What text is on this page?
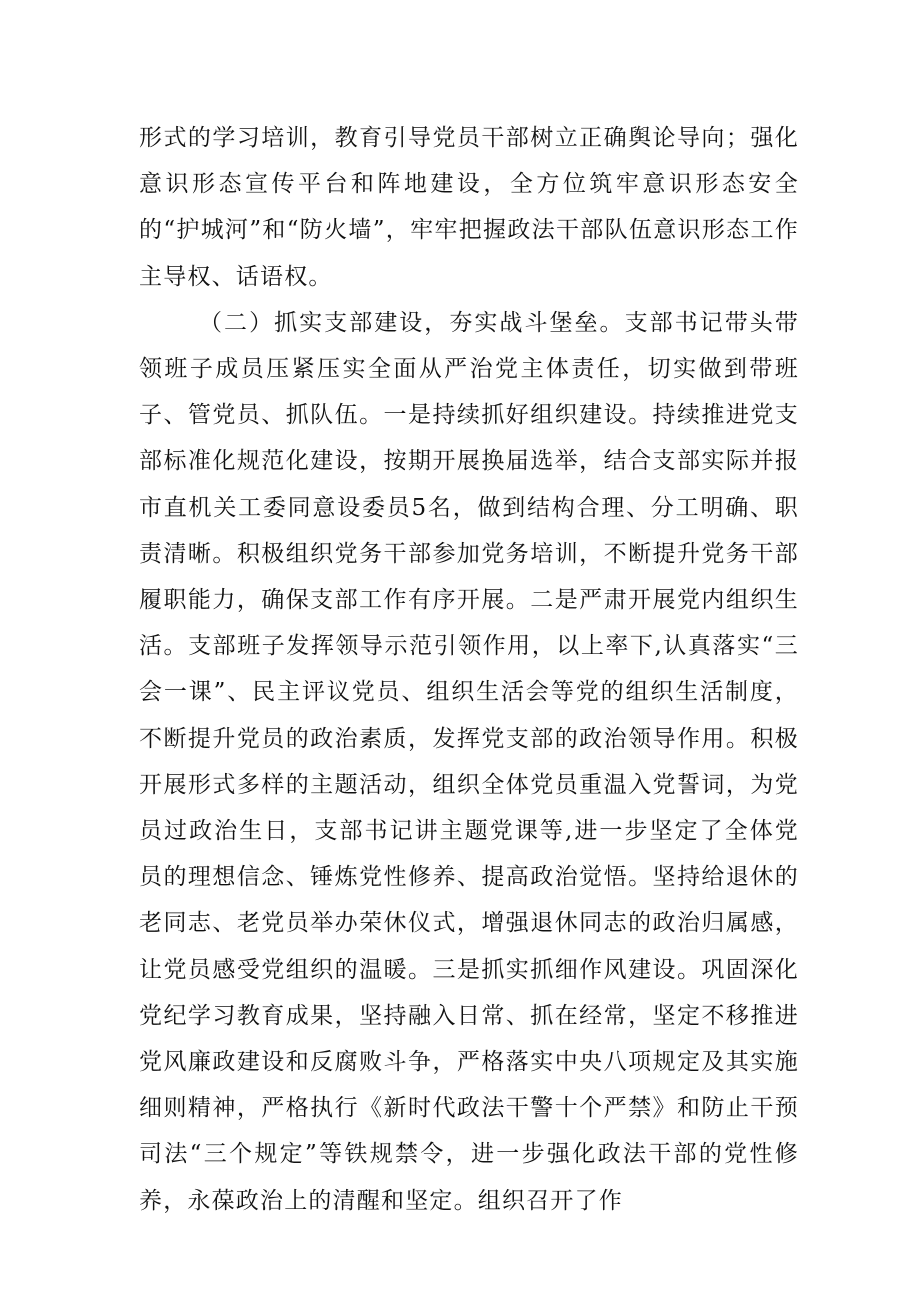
形式的学习培训，教育引导党员干部树立正确舆论导向；强化意识形态宣传平台和阵地建设，全方位筑牢意识形态安全的“护城河”和“防火墙”，牢牢把握政法干部队伍意识形态工作主导权、话语权。

（二）抓实支部建设，夯实战斗堡垒。支部书记带头带领班子成员压紧压实全面从严治党主体责任，切实做到带班子、管党员、抓队伍。一是持续抓好组织建设。持续推进党支部标准化规范化建设，按期开展换届选举，结合支部实际并报市直机关工委同意设委员5名，做到结构合理、分工明确、职责清晰。积极组织党务干部参加党务培训，不断提升党务干部履职能力，确保支部工作有序开展。二是严肃开展党内组织生活。支部班子发挥领导示范引领作用，以上率下,认真落实“三会一课”、民主评议党员、组织生活会等党的组织生活制度，不断提升党员的政治素质，发挥党支部的政治领导作用。积极开展形式多样的主题活动，组织全体党员重温入党誓词，为党员过政治生日，支部书记讲主题党课等,进一步坚定了全体党员的理想信念、锤炼党性修养、提高政治觉悟。坚持给退休的老同志、老党员举办荣休仪式，增强退休同志的政治归属感，让党员感受党组织的温暖。三是抓实抓细作风建设。巩固深化党纪学习教育成果，坚持融入日常、抓在经常，坚定不移推进党风廉政建设和反腐败斗争，严格落实中央八项规定及其实施细则精神，严格执行《新时代政法干警十个严禁》和防止干预司法“三个规定”等铁规禁令，进一步强化政法干部的党性修养，永葆政治上的清醒和坚定。组织召开了作
